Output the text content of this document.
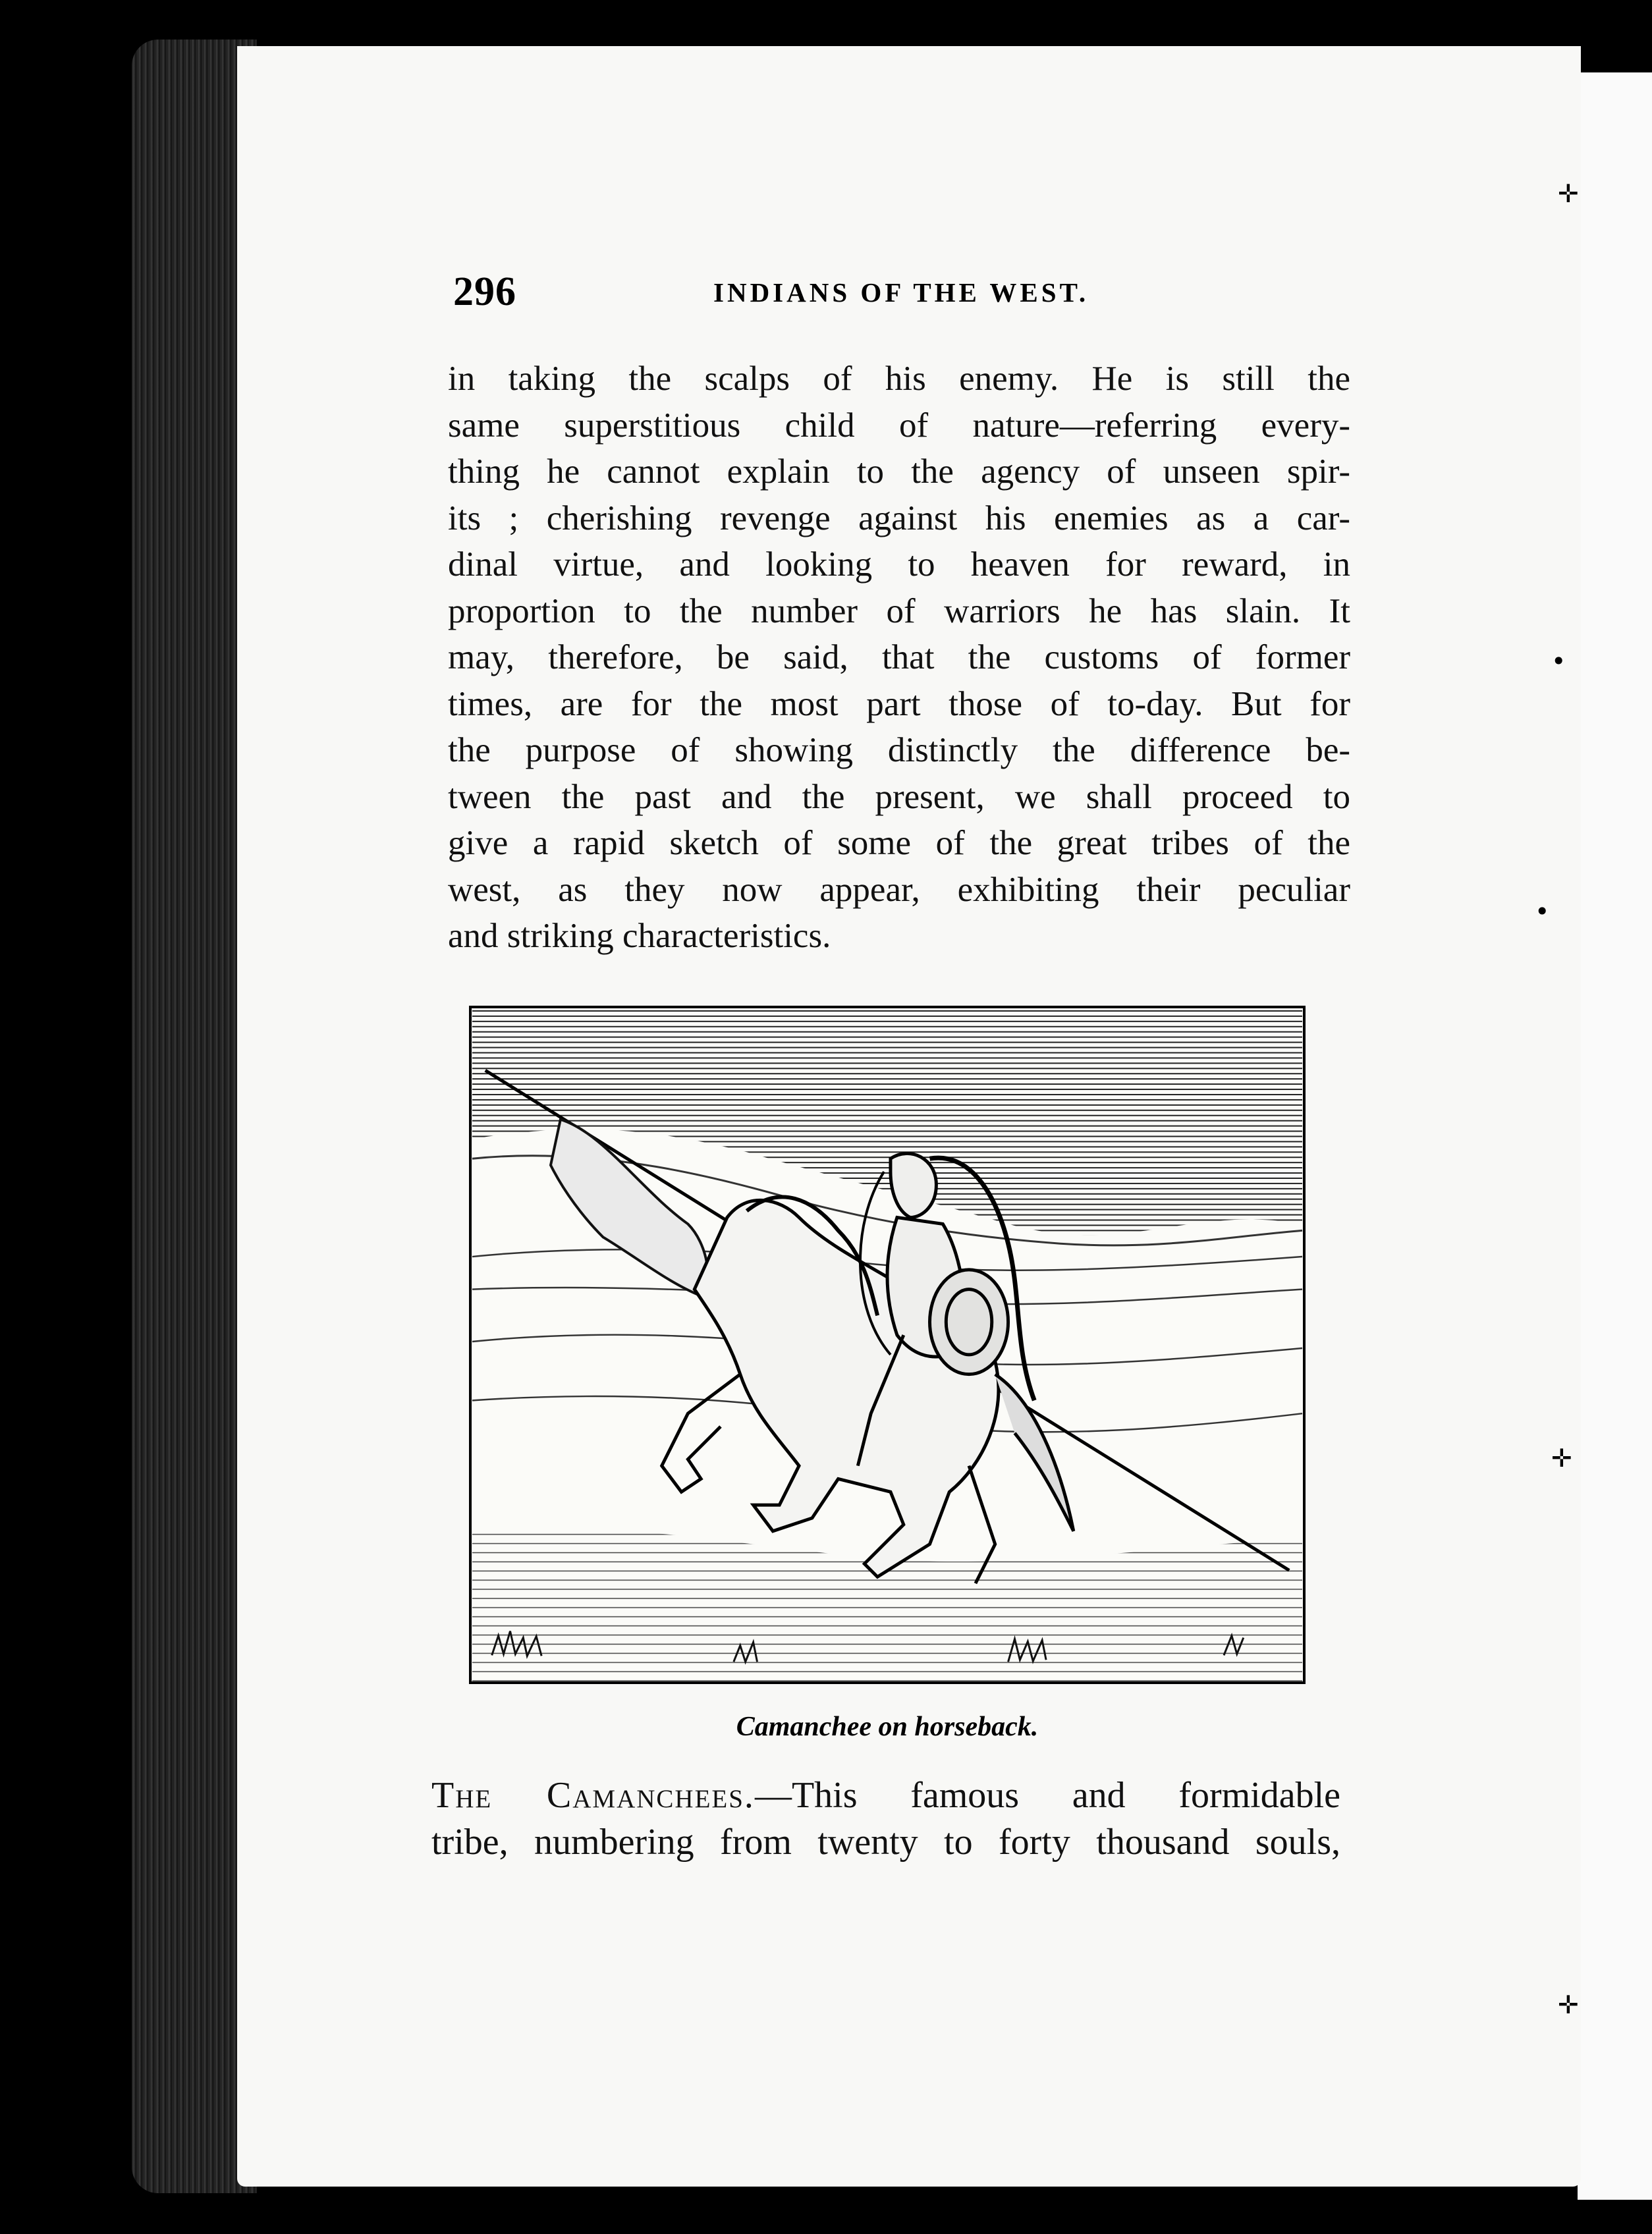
✛
•
•
✛
✛
296	INDIANS OF THE WEST.
in taking the scalps of his enemy. He is still the
same superstitious child of nature—referring every-
thing he cannot explain to the agency of unseen spir-
its ; cherishing revenge against his enemies as a car-
dinal virtue, and looking to heaven for reward, in
proportion to the number of warriors he has slain. It
may, therefore, be said, that the customs of former
times, are for the most part those of to-day. But for
the purpose of showing distinctly the difference be-
tween the past and the present, we shall proceed to
give a rapid sketch of some of the great tribes of the
west, as they now appear, exhibiting their peculiar
and striking characteristics.
Camanchee on horseback.
The Camanchees.—This famous and formidable
tribe, numbering from twenty to forty thousand souls,
